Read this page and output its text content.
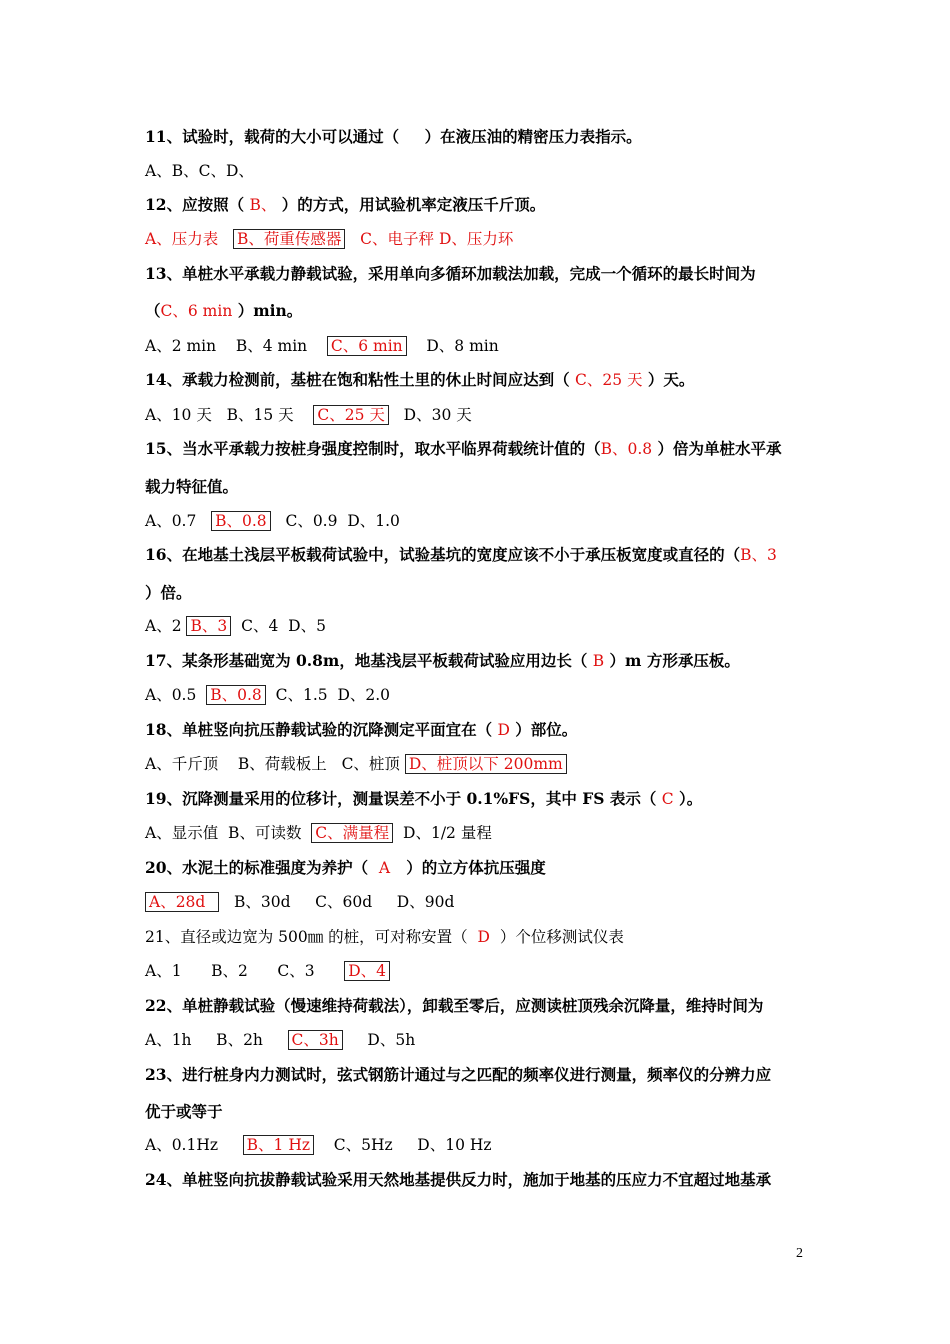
11、试验时，载荷的大小可以通过（     ）在液压油的精密压力表指示。
A、B、C、D、
12、应按照（ B、 ）的方式，用试验机率定液压千斤顶。
A、压力表 B、荷重传感器 C、电子秤 D、压力环
13、单桩水平承载力静载试验，采用单向多循环加载法加载，完成一个循环的最长时间为
（C、6 min ）min。
A、2 min    B、4 min    C、6 min    D、8 min
14、承载力检测前，基桩在饱和粘性土里的休止时间应达到（ C、25 天 ）天。
A、10 天   B、15 天    C、25 天   D、30 天
15、当水平承载力按桩身强度控制时，取水平临界荷载统计值的（B、0.8 ）倍为单桩水平承
载力特征值。
A、0.7   B、0.8   C、0.9  D、1.0
16、在地基土浅层平板载荷试验中，试验基坑的宽度应该不小于承压板宽度或直径的（B、3
）倍。
A、2 B、3  C、4  D、5
17、某条形基础宽为 0.8m，地基浅层平板载荷试验应用边长（ B ）m 方形承压板。
A、0.5  B、0.8  C、1.5  D、2.0
18、单桩竖向抗压静载试验的沉降测定平面宜在（ D ）部位。
A、千斤顶    B、荷载板上   C、桩顶 D、桩顶以下 200mm
19、沉降测量采用的位移计，测量误差不小于 0.1%FS，其中 FS 表示（ C ）。
A、显示值  B、可读数  C、满量程  D、1/2 量程
20、水泥土的标准强度为养护（  A   ）的立方体抗压强度
A、28d     B、30d     C、60d     D、90d
21、直径或边宽为 500㎜ 的桩，可对称安置（  D  ）个位移测试仪表
A、1      B、2      C、3      D、4
22、单桩静载试验（慢速维持荷载法），卸载至零后，应测读桩顶残余沉降量，维持时间为
A、1h     B、2h     C、3h     D、5h
23、进行桩身内力测试时，弦式钢筋计通过与之匹配的频率仪进行测量，频率仪的分辨力应
优于或等于
A、0.1Hz     B、1 Hz    C、5Hz     D、10 Hz
24、单桩竖向抗拔静载试验采用天然地基提供反力时，施加于地基的压应力不宜超过地基承
2
